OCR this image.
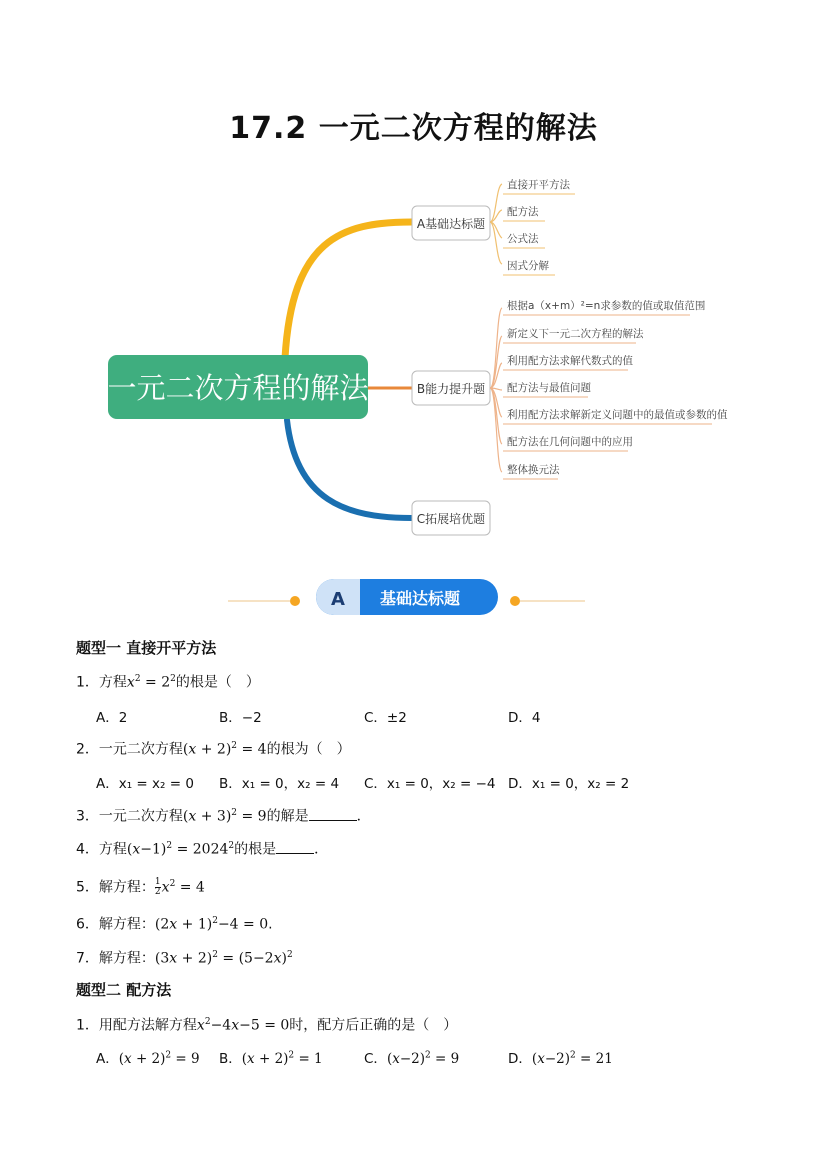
17.2 一元二次方程的解法
一元二次方程的解法
A基础达标题
直接开平方法
配方法
公式法
因式分解
B能力提升题
根据a（x+m）²=n求参数的值或取值范围
新定义下一元二次方程的解法
利用配方法求解代数式的值
配方法与最值问题
利用配方法求解新定义问题中的最值或参数的值
配方法在几何问题中的应用
整体换元法
C拓展培优题
A 基础达标题
题型一 直接开平方法
1．方程$x^2 = 2^2$的根是（　）
A．2	B．−2	C．±2	D．4
2．一元二次方程$(x + 2)^2 = 4$的根为（　）
A．x₁ = x₂ = 0 B．x₁ = 0，x₂ = 4 C．x₁ = 0，x₂ = −4 D．x₁ = 0，x₂ = 2
3．一元二次方程$(x + 3)^2 = 9$的解是	．
4．方程$(x-1)^2 = 2024^2$的根是	．
5．解方程： $\frac{1}{2} x^2 = 4$
6．解方程：$(2x + 1)^2-4 = 0$.
7．解方程：$(3x + 2)^2 = (5-2x)^2$
题型二 配方法
1．用配方法解方程$x^2-4x-5 = 0$时，配方后正确的是（　）
A．$(x + 2)^2 = 9$ B．$(x + 2)^2 = 1$	C．$(x-2)^2 = 9$	D．$(x-2)^2 = 21$
